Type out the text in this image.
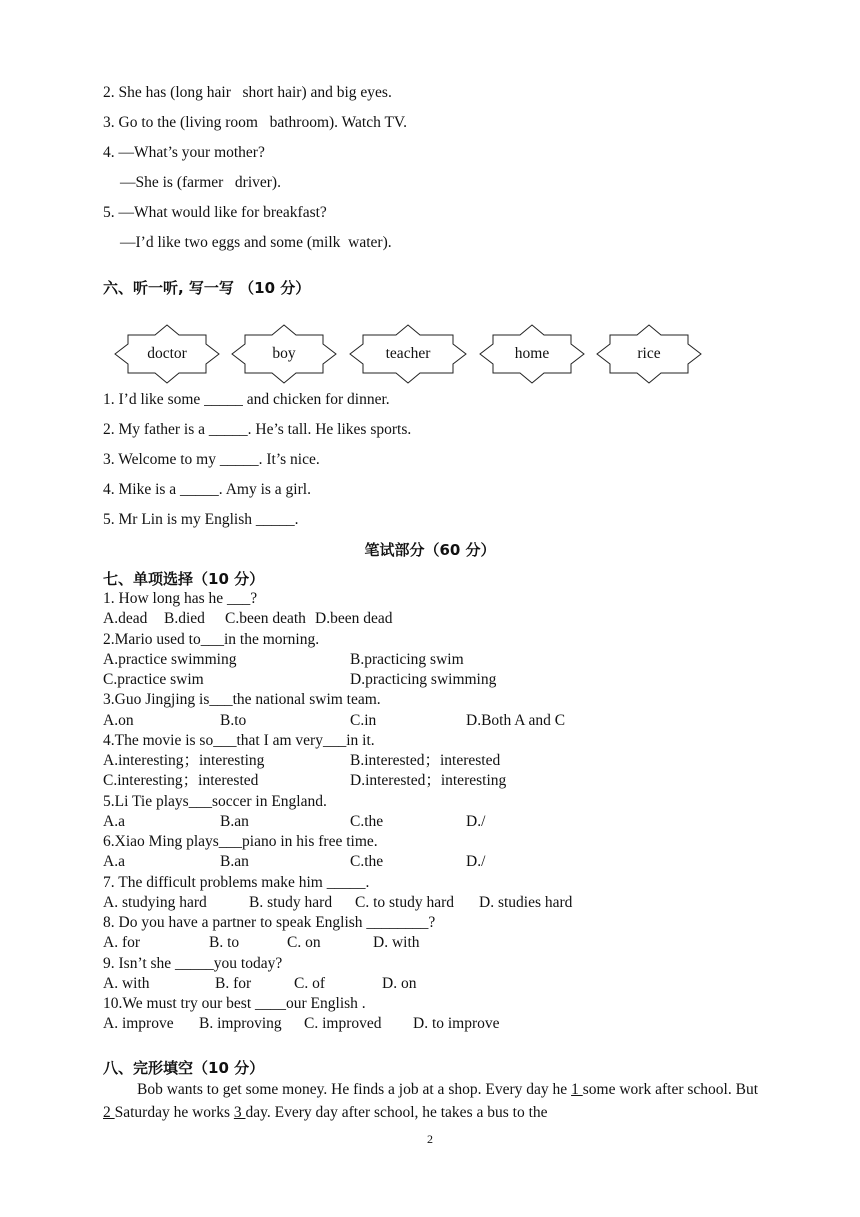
2. She has (long hair   short hair) and big eyes.
3. Go to the (living room   bathroom). Watch TV.
4. —What’s your mother?
—She is (farmer   driver).
5. —What would like for breakfast?
—I’d like two eggs and some (milk  water).
六、听一听, 写一写 （10 分）
doctor	boy	teacher	home	rice
1. I’d like some _____ and chicken for dinner.
2. My father is a _____. He’s tall. He likes sports.
3. Welcome to my _____. It’s nice.
4. Mike is a _____. Amy is a girl.
5. Mr Lin is my English _____.
笔试部分（60 分）
七、单项选择（10 分）
1. How long has he ___?
A.dead B.died C.been death D.been dead
2.Mario used to___in the morning.
A.practice swimming	B.practicing swim
C.practice swim	D.practicing swimming
3.Guo Jingjing is___the national swim team.
A.on	B.to	C.in	D.Both A and C
4.The movie is so___that I am very___in it.
A.interesting；interesting	B.interested；interested
C.interesting；interested	D.interested；interesting
5.Li Tie plays___soccer in England.
A.a	B.an	C.the	D./
6.Xiao Ming plays___piano in his free time.
A.a	B.an	C.the	D./
7. The difficult problems make him _____.
A. studying hard	B. study hard C. to study hard D. studies hard
8. Do you have a partner to speak English ________?
A. for	B. to	C. on	D. with
9. Isn’t she _____you today?
A. with	B. for	C. of	D. on
10.We must try our best ____our English .
A. improve B. improving C. improved D. to improve
八、完形填空（10 分）
Bob wants to get some money. He finds a job at a shop. Every day he 1 some work after school. But 2 Saturday he works 3 day. Every day after school, he takes a bus to the
2
